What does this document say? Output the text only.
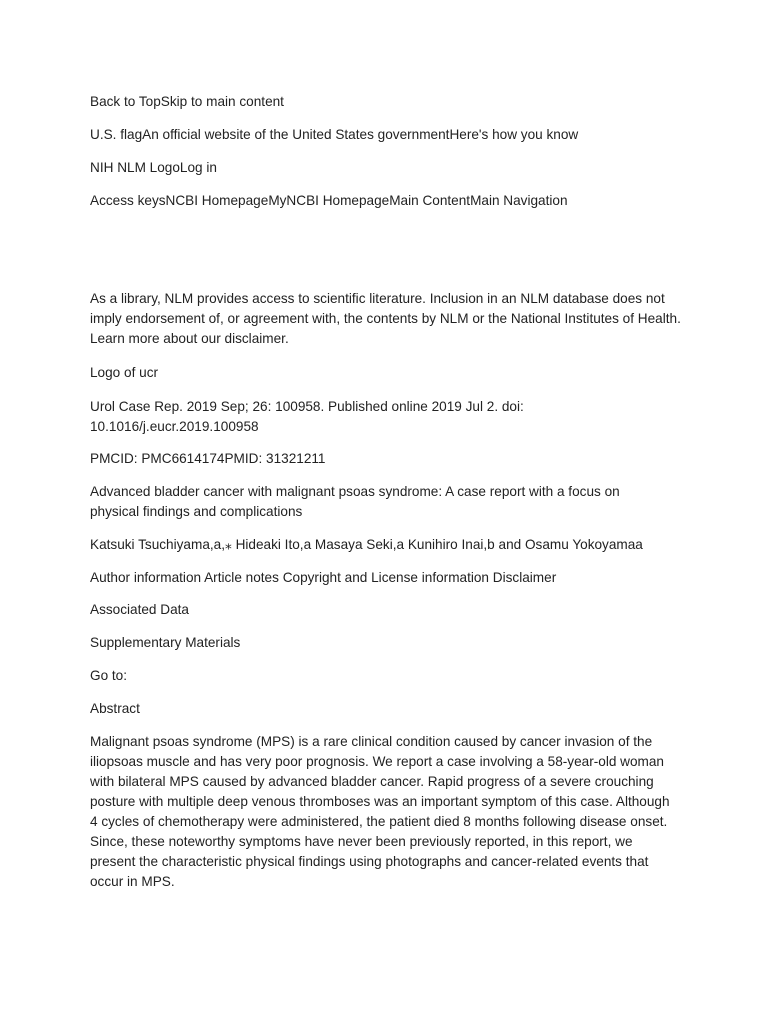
Back to TopSkip to main content

U.S. flagAn official website of the United States governmentHere's how you know

NIH NLM LogoLog in

Access keysNCBI HomepageMyNCBI HomepageMain ContentMain Navigation

As a library, NLM provides access to scientific literature. Inclusion in an NLM database does not imply endorsement of, or agreement with, the contents by NLM or the National Institutes of Health. Learn more about our disclaimer.

Logo of ucr

Urol Case Rep. 2019 Sep; 26: 100958. Published online 2019 Jul 2. doi: 10.1016/j.eucr.2019.100958

PMCID: PMC6614174PMID: 31321211

Advanced bladder cancer with malignant psoas syndrome: A case report with a focus on physical findings and complications

Katsuki Tsuchiyama,a,⁎ Hideaki Ito,a Masaya Seki,a Kunihiro Inai,b and Osamu Yokoyamaa

Author information Article notes Copyright and License information Disclaimer

Associated Data

Supplementary Materials

Go to:

Abstract

Malignant psoas syndrome (MPS) is a rare clinical condition caused by cancer invasion of the iliopsoas muscle and has very poor prognosis. We report a case involving a 58-year-old woman with bilateral MPS caused by advanced bladder cancer. Rapid progress of a severe crouching posture with multiple deep venous thromboses was an important symptom of this case. Although 4 cycles of chemotherapy were administered, the patient died 8 months following disease onset. Since, these noteworthy symptoms have never been previously reported, in this report, we present the characteristic physical findings using photographs and cancer-related events that occur in MPS.
